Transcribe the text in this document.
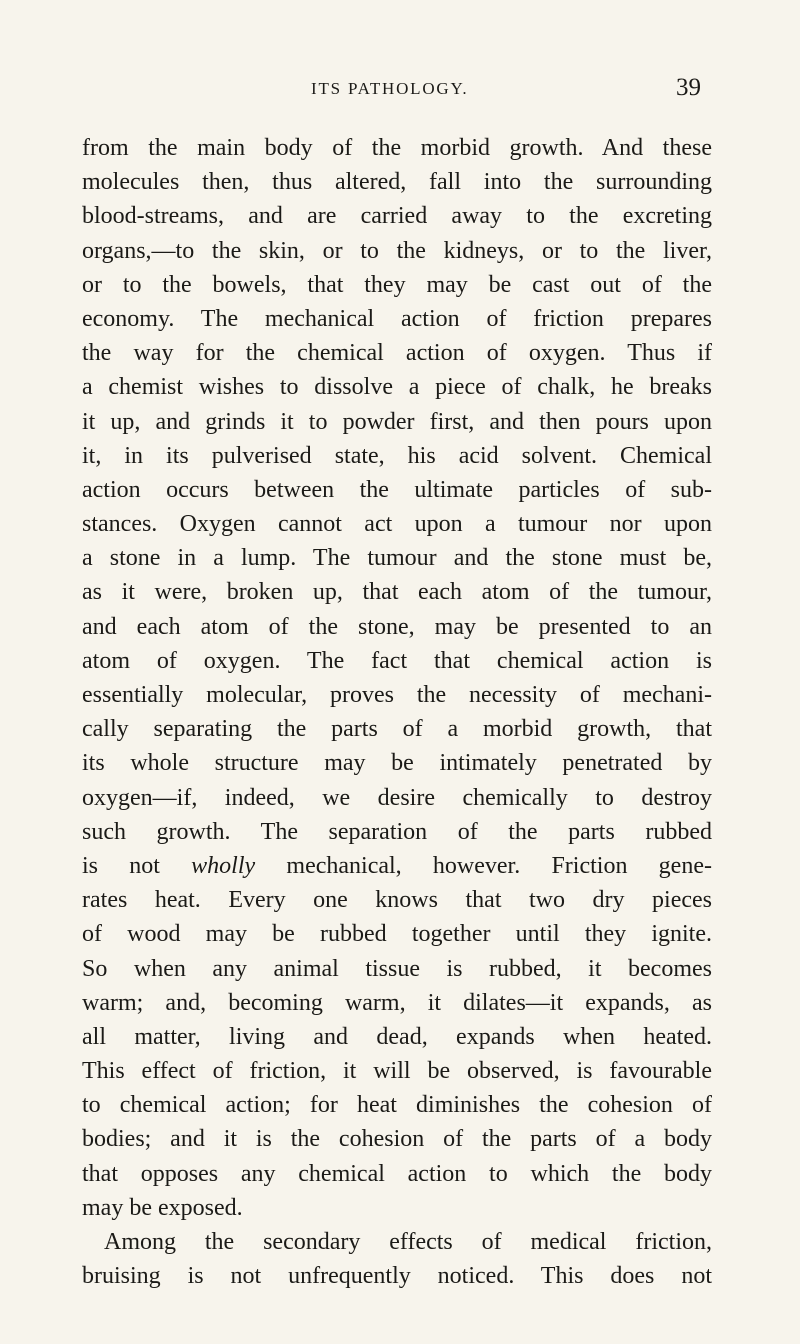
ITS PATHOLOGY.	39
from the main body of the morbid growth. And these
molecules then, thus altered, fall into the surrounding
blood-streams, and are carried away to the excreting
organs,—to the skin, or to the kidneys, or to the liver,
or to the bowels, that they may be cast out of the
economy. The mechanical action of friction prepares
the way for the chemical action of oxygen. Thus if
a chemist wishes to dissolve a piece of chalk, he breaks
it up, and grinds it to powder first, and then pours upon
it, in its pulverised state, his acid solvent. Chemical
action occurs between the ultimate particles of sub-
stances. Oxygen cannot act upon a tumour nor upon
a stone in a lump. The tumour and the stone must be,
as it were, broken up, that each atom of the tumour,
and each atom of the stone, may be presented to an
atom of oxygen. The fact that chemical action is
essentially molecular, proves the necessity of mechani-
cally separating the parts of a morbid growth, that
its whole structure may be intimately penetrated by
oxygen—if, indeed, we desire chemically to destroy
such growth. The separation of the parts rubbed
is not wholly mechanical, however. Friction gene-
rates heat. Every one knows that two dry pieces
of wood may be rubbed together until they ignite.
So when any animal tissue is rubbed, it becomes
warm; and, becoming warm, it dilates—it expands, as
all matter, living and dead, expands when heated.
This effect of friction, it will be observed, is favourable
to chemical action; for heat diminishes the cohesion of
bodies; and it is the cohesion of the parts of a body
that opposes any chemical action to which the body
may be exposed.
Among the secondary effects of medical friction,
bruising is not unfrequently noticed. This does not
